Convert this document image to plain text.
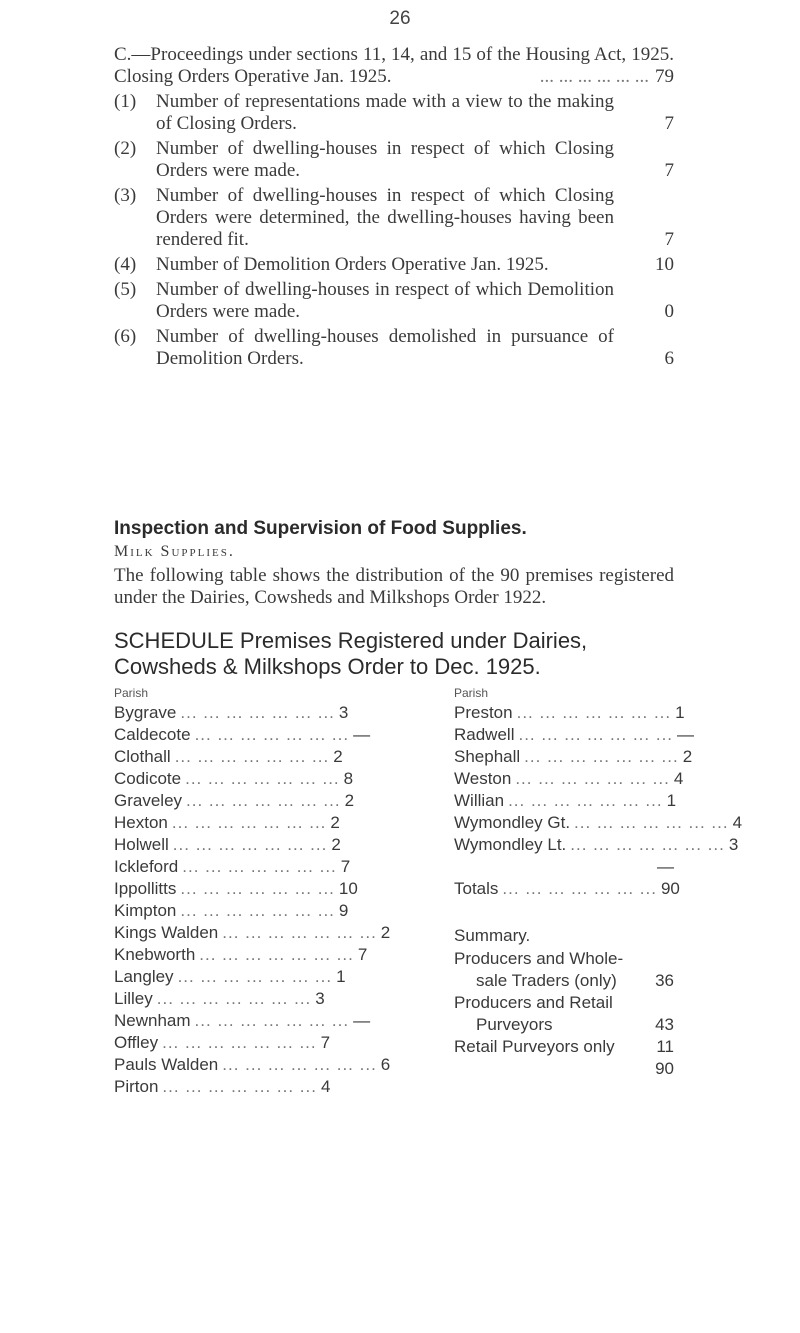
26
C.—Proceedings under sections 11, 14, and 15 of the Housing Act, 1925. Closing Orders Operative Jan. 1925.	... ... ... ... ... ... 79
(1)	Number of representations made with a view to the making of Closing Orders.	7
(2)	Number of dwelling-houses in respect of which Closing Orders were made.	7
(3)	Number of dwelling-houses in respect of which Closing Orders were determined, the dwelling-houses having been rendered fit.	7
(4)	Number of Demolition Orders Operative Jan. 1925.	10
(5)	Number of dwelling-houses in respect of which Demolition Orders were made.	0
(6)	Number of dwelling-houses demolished in pursuance of Demolition Orders.	6
Inspection and Supervision of Food Supplies.
Milk Supplies.
The following table shows the distribution of the 90 premises registered under the Dairies, Cowsheds and Milkshops Order 1922.
SCHEDULE Premises Registered under Dairies,
Cowsheds & Milkshops Order to Dec. 1925.
Parish
Bygrave ... ... ... ... ... ... ... 3
Caldecote ... ... ... ... ... ... ... —
Clothall ... ... ... ... ... ... ... 2
Codicote ... ... ... ... ... ... ... 8
Graveley ... ... ... ... ... ... ... 2
Hexton ... ... ... ... ... ... ... 2
Holwell ... ... ... ... ... ... ... 2
Ickleford ... ... ... ... ... ... ... 7
Ippollitts ... ... ... ... ... ... ... 10
Kimpton ... ... ... ... ... ... ... 9
Kings Walden ... ... ... ... ... ... ... 2
Knebworth ... ... ... ... ... ... ... 7
Langley ... ... ... ... ... ... ... 1
Lilley ... ... ... ... ... ... ... 3
Newnham ... ... ... ... ... ... ... —
Offley ... ... ... ... ... ... ... 7
Pauls Walden ... ... ... ... ... ... ... 6
Pirton ... ... ... ... ... ... ... 4
Parish
Preston ... ... ... ... ... ... ... 1
Radwell ... ... ... ... ... ... ... —
Shephall ... ... ... ... ... ... ... 2
Weston ... ... ... ... ... ... ... 4
Willian ... ... ... ... ... ... ... 1
Wymondley Gt. ... ... ... ... ... ... ... 4
Wymondley Lt. ... ... ... ... ... ... ... 3
—
Totals ... ... ... ... ... ... ... 90
Summary.
Producers and Whole-
sale Traders (only)	36
Producers and Retail
Purveyors	43
Retail Purveyors only	11
90
